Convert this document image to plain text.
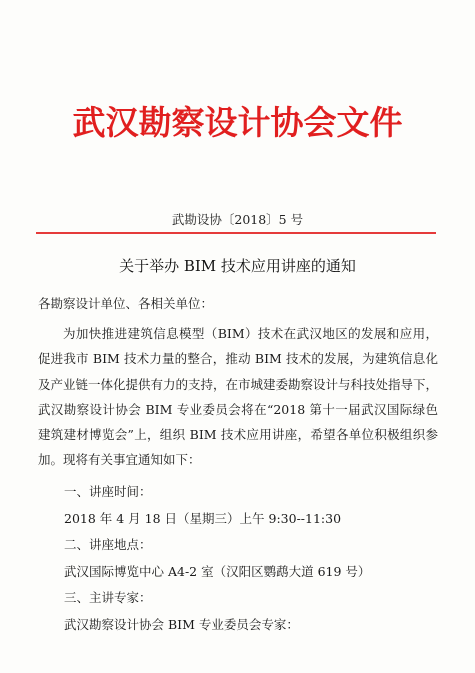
武汉勘察设计协会文件
武勘设协〔2018〕5 号
关于举办 BIM 技术应用讲座的通知
各勘察设计单位、各相关单位：
为加快推进建筑信息模型（BIM）技术在武汉地区的发展和应用，促进我市 BIM 技术力量的整合，推动 BIM 技术的发展，为建筑信息化及产业链一体化提供有力的支持，在市城建委勘察设计与科技处指导下，武汉勘察设计协会 BIM 专业委员会将在“2018 第十一届武汉国际绿色建筑建材博览会”上，组织 BIM 技术应用讲座，希望各单位积极组织参加。现将有关事宜通知如下：
一、讲座时间：
2018 年 4 月 18 日（星期三）上午 9:30--11:30
二、讲座地点：
武汉国际博览中心 A4-2 室（汉阳区鹦鹉大道 619 号）
三、主讲专家：
武汉勘察设计协会 BIM 专业委员会专家：
